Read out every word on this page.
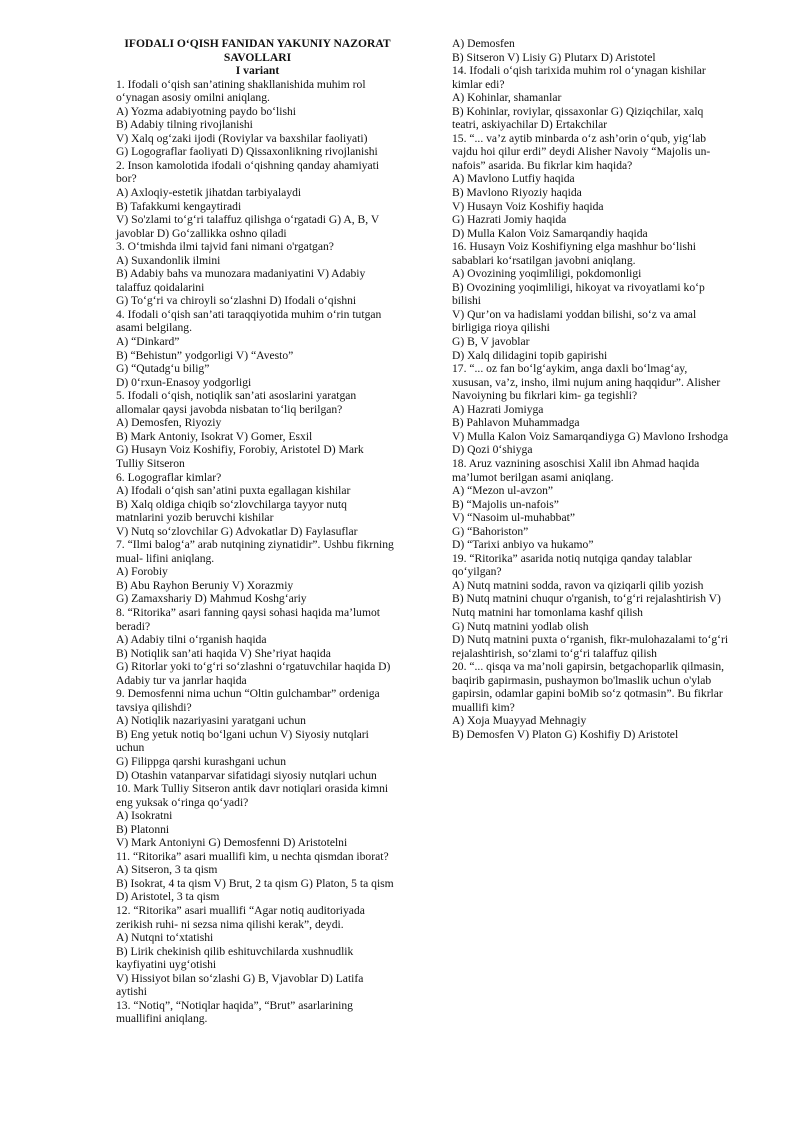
IFODALI O‘QISH FANIDAN YAKUNIY NAZORAT
SAVOLLARI
I variant
1. Ifodali o‘qish san’atining shakllanishida muhim rol
o‘ynagan asosiy omilni aniqlang.
A) Yozma adabiyotning paydo bo‘lishi
B) Adabiy tilning rivojlanishi
V) Xalq og‘zaki ijodi (Roviylar va baxshilar faoliyati)
G) Logograflar faoliyati D) Qissaxonlikning rivojlanishi
2. Inson kamolotida ifodali o‘qishning qanday ahamiyati
bor?
A) Axloqiy-estetik jihatdan tarbiyalaydi
B) Tafakkumi kengaytiradi
V) So'zlami to‘g‘ri talaffuz qilishga o‘rgatadi G) A, B, V
javoblar D) Go‘zallikka oshno qiladi
3. O‘tmishda ilmi tajvid fani nimani o'rgatgan?
A) Suxandonlik ilmini
B) Adabiy bahs va munozara madaniyatini V) Adabiy
talaffuz qoidalarini
G) To‘g‘ri va chiroyli so‘zlashni D) Ifodali o‘qishni
4. Ifodali o‘qish san’ati taraqqiyotida muhim o‘rin tutgan
asami belgilang.
A) “Dinkard”
B) “Behistun” yodgorligi V) “Avesto”
G) “Qutadg‘u bilig”
D) 0‘rxun-Enasoy yodgorligi
5. Ifodali o‘qish, notiqlik san’ati asoslarini yaratgan
allomalar qaysi javobda nisbatan to‘liq berilgan?
A) Demosfen, Riyoziy
B) Mark Antoniy, Isokrat V) Gomer, Esxil
G) Husayn Voiz Koshifiy, Forobiy, Aristotel D) Mark
Tulliy Sitseron
6. Logograflar kimlar?
A) Ifodali o‘qish san’atini puxta egallagan kishilar
B) Xalq oldiga chiqib so‘zlovchilarga tayyor nutq
matnlarini yozib beruvchi kishilar
V) Nutq so‘zlovchilar G) Advokatlar D) Faylasuflar
7. “Ilmi balog‘a” arab nutqining ziynatidir”. Ushbu fikrning
mual- lifini aniqlang.
A) Forobiy
B) Abu Rayhon Beruniy V) Xorazmiy
G) Zamaxshariy D) Mahmud Koshg‘ariy
8. “Ritorika” asari fanning qaysi sohasi haqida ma’lumot
beradi?
A) Adabiy tilni o‘rganish haqida
B) Notiqlik san’ati haqida V) She’riyat haqida
G) Ritorlar yoki to‘g‘ri so‘zlashni o‘rgatuvchilar haqida D)
Adabiy tur va janrlar haqida
9. Demosfenni nima uchun “Oltin gulchambar” ordeniga
tavsiya qilishdi?
A) Notiqlik nazariyasini yaratgani uchun
B) Eng yetuk notiq bo‘lgani uchun V) Siyosiy nutqlari
uchun
G) Filippga qarshi kurashgani uchun
D) Otashin vatanparvar sifatidagi siyosiy nutqlari uchun
10. Mark Tulliy Sitseron antik davr notiqlari orasida kimni
eng yuksak o‘ringa qo‘yadi?
A) Isokratni
B) Platonni
V) Mark Antoniyni G) Demosfenni D) Aristotelni
11. “Ritorika” asari muallifi kim, u nechta qismdan iborat?
A) Sitseron, 3 ta qism
B) Isokrat, 4 ta qism V) Brut, 2 ta qism G) Platon, 5 ta qism
D) Aristotel, 3 ta qism
12. “Ritorika” asari muallifi “Agar notiq auditoriyada
zerikish ruhi- ni sezsa nima qilishi kerak”, deydi.
A) Nutqni to‘xtatishi
B) Lirik chekinish qilib eshituvchilarda xushnudlik
kayfiyatini uyg‘otishi
V) Hissiyot bilan so‘zlashi G) B, Vjavoblar D) Latifa
aytishi
13. “Notiq”, “Notiqlar haqida”, “Brut” asarlarining
muallifini aniqlang.
A) Demosfen
B) Sitseron V) Lisiy G) Plutarx D) Aristotel
14. Ifodali o‘qish tarixida muhim rol o‘ynagan kishilar
kimlar edi?
A) Kohinlar, shamanlar
B) Kohinlar, roviylar, qissaxonlar G) Qiziqchilar, xalq
teatri, askiyachilar D) Ertakchilar
15. “... va’z aytib minbarda o‘z ash’orin o‘qub, yig‘lab
vajdu hoi qilur erdi” deydi Alisher Navoiy “Majolis un-
nafois” asarida. Bu fikrlar kim haqida?
A) Mavlono Lutfiy haqida
B) Mavlono Riyoziy haqida
V) Husayn Voiz Koshifiy haqida
G) Hazrati Jomiy haqida
D) Mulla Kalon Voiz Samarqandiy haqida
16. Husayn Voiz Koshifiyning elga mashhur bo‘lishi
sabablari ko‘rsatilgan javobni aniqlang.
A) Ovozining yoqimliligi, pokdomonligi
B) Ovozining yoqimliligi, hikoyat va rivoyatlami ko‘p
bilishi
V) Qur’on va hadislami yoddan bilishi, so‘z va amal
birligiga rioya qilishi
G) B, V javoblar
D) Xalq dilidagini topib gapirishi
17. “... oz fan bo‘lg‘aykim, anga daxli bo‘lmag‘ay,
xususan, va’z, insho, ilmi nujum aning haqqidur”. Alisher
Navoiyning bu fikrlari kim- ga tegishli?
A) Hazrati Jomiyga
B) Pahlavon Muhammadga
V) Mulla Kalon Voiz Samarqandiyga G) Mavlono Irshodga
D) Qozi 0‘shiyga
18. Aruz vaznining asoschisi Xalil ibn Ahmad haqida
ma’lumot berilgan asami aniqlang.
A) “Mezon ul-avzon”
B) “Majolis un-nafois”
V) “Nasoim ul-muhabbat”
G) “Bahoriston”
D) “Tarixi anbiyo va hukamo”
19. “Ritorika” asarida notiq nutqiga qanday talablar
qo‘yilgan?
A) Nutq matnini sodda, ravon va qiziqarli qilib yozish
B) Nutq matnini chuqur o'rganish, to‘g‘ri rejalashtirish V)
Nutq matnini har tomonlama kashf qilish
G) Nutq matnini yodlab olish
D) Nutq matnini puxta o‘rganish, fikr-mulohazalami to‘g‘ri
rejalashtirish, so‘zlami to‘g‘ri talaffuz qilish
20. “... qisqa va ma’noli gapirsin, betgachoparlik qilmasin,
baqirib gapirmasin, pushaymon bo'lmaslik uchun o'ylab
gapirsin, odamlar gapini boMib so‘z qotmasin”. Bu fikrlar
muallifi kim?
A) Xoja Muayyad Mehnagiy
B) Demosfen V) Platon G) Koshifiy D) Aristotel
